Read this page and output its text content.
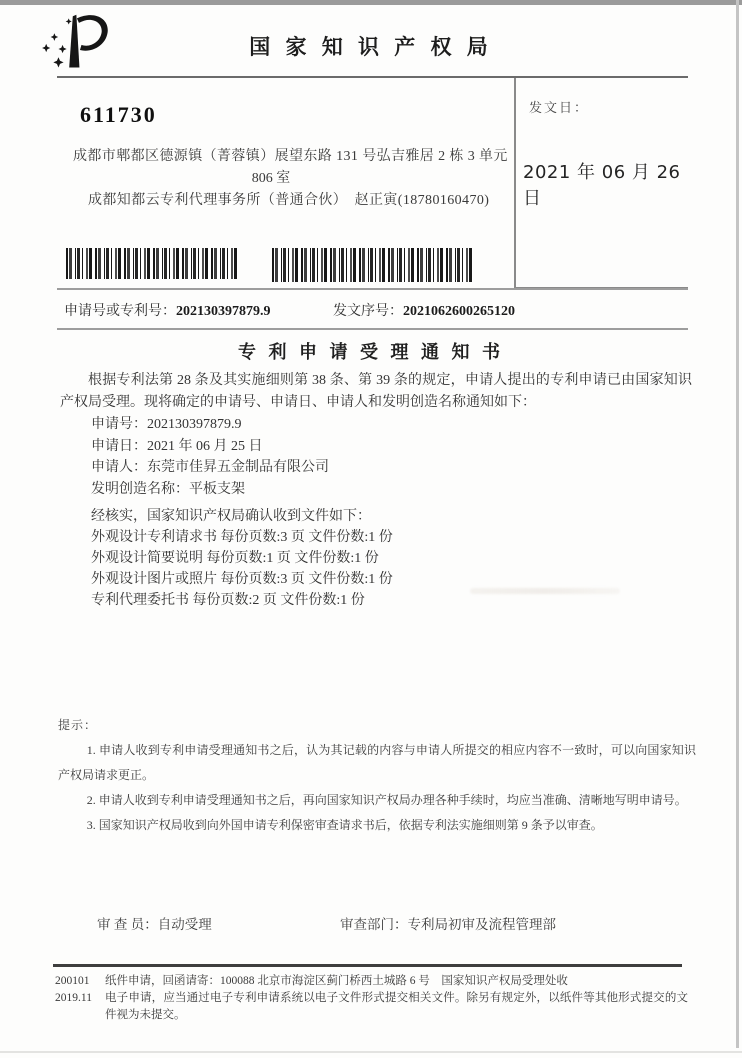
国 家 知 识 产 权 局
发文日：
2021 年 06 月 26 日
611730
成都市郫都区德源镇（菁蓉镇）展望东路 131 号弘吉雅居 2 栋 3 单元
806 室
成都知都云专利代理事务所（普通合伙）　赵正寅(18780160470)
申请号或专利号：202130397879.9	发文序号：2021062600265120
专 利 申 请 受 理 通 知 书

根据专利法第 28 条及其实施细则第 38 条、第 39 条的规定，申请人提出的专利申请已由国家知识产权局受理。现将确定的申请号、申请日、申请人和发明创造名称通知如下：

申请号：202130397879.9
申请日：2021 年 06 月 25 日
申请人：东莞市佳昇五金制品有限公司
发明创造名称：平板支架
经核实，国家知识产权局确认收到文件如下：
外观设计专利请求书 每份页数:3 页 文件份数:1 份
外观设计简要说明 每份页数:1 页 文件份数:1 份
外观设计图片或照片 每份页数:3 页 文件份数:1 份
专利代理委托书 每份页数:2 页 文件份数:1 份
提示：
1. 申请人收到专利申请受理通知书之后，认为其记载的内容与申请人所提交的相应内容不一致时，可以向国家知识产权局请求更正。
2. 申请人收到专利申请受理通知书之后，再向国家知识产权局办理各种手续时，均应当准确、清晰地写明申请号。
3. 国家知识产权局收到向外国申请专利保密审查请求书后，依据专利法实施细则第 9 条予以审查。
审 查 员：自动受理	审查部门：专利局初审及流程管理部
200101	纸件申请，回函请寄：100088 北京市海淀区蓟门桥西土城路 6 号　国家知识产权局受理处收
2019.11	电子申请，应当通过电子专利申请系统以电子文件形式提交相关文件。除另有规定外，以纸件等其他形式提交的文件视为未提交。
